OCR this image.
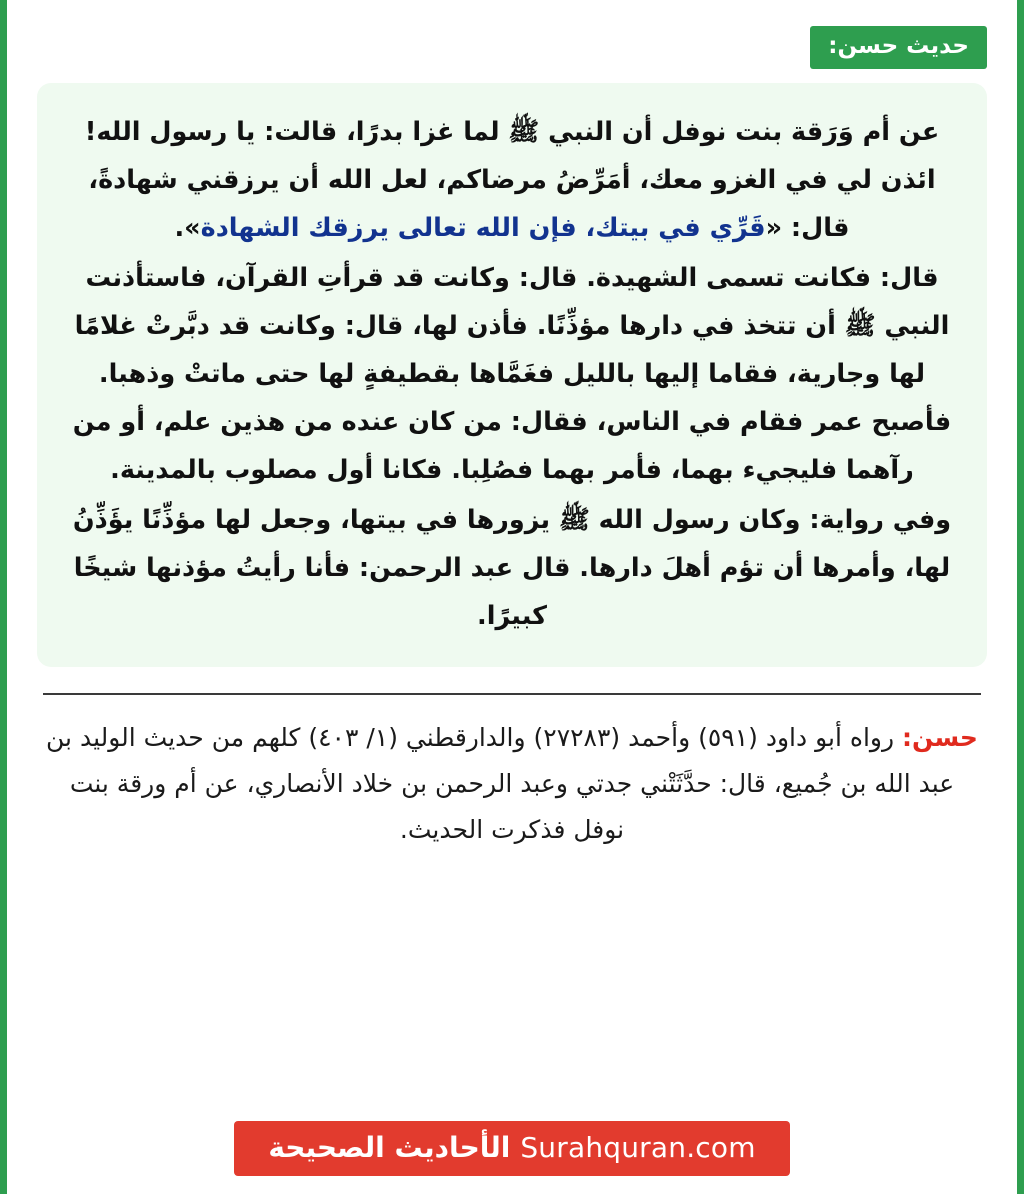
حديث حسن:

عن أم وَرَقة بنت نوفل أن النبي ﷺ لما غزا بدرًا، قالت: يا رسول الله! ائذن لي في الغزو معك، أمَرِّضُ مرضاكم، لعل الله أن يرزقني شهادةً، قال: «قَرِّي في بيتك، فإن الله تعالى يرزقك الشهادة».

قال: فكانت تسمى الشهيدة. قال: وكانت قد قرأتِ القرآن، فاستأذنت النبي ﷺ أن تتخذ في دارها مؤذِّنًا. فأذن لها، قال: وكانت قد دبَّرتْ غلامًا لها وجارية، فقاما إليها بالليل فغَمَّاها بقطيفةٍ لها حتى ماتتْ وذهبا. فأصبح عمر فقام في الناس، فقال: من كان عنده من هذين علم، أو من رآهما فليجيء بهما، فأمر بهما فصُلِبا. فكانا أول مصلوب بالمدينة.

وفي رواية: وكان رسول الله ﷺ يزورها في بيتها، وجعل لها مؤذِّنًا يؤَذِّنُ لها، وأمرها أن تؤم أهلَ دارها. قال عبد الرحمن: فأنا رأيتُ مؤذنها شيخًا كبيرًا.

حسن: رواه أبو داود (٥٩١) وأحمد (٢٧٢٨٣) والدارقطني (١/ ٤٠٣) كلهم من حديث الوليد بن عبد الله بن جُميع، قال: حدَّثَتْني جدتي وعبد الرحمن بن خلاد الأنصاري، عن أم ورقة بنت نوفل فذكرت الحديث.

Surahquran.com الأحاديث الصحيحة
